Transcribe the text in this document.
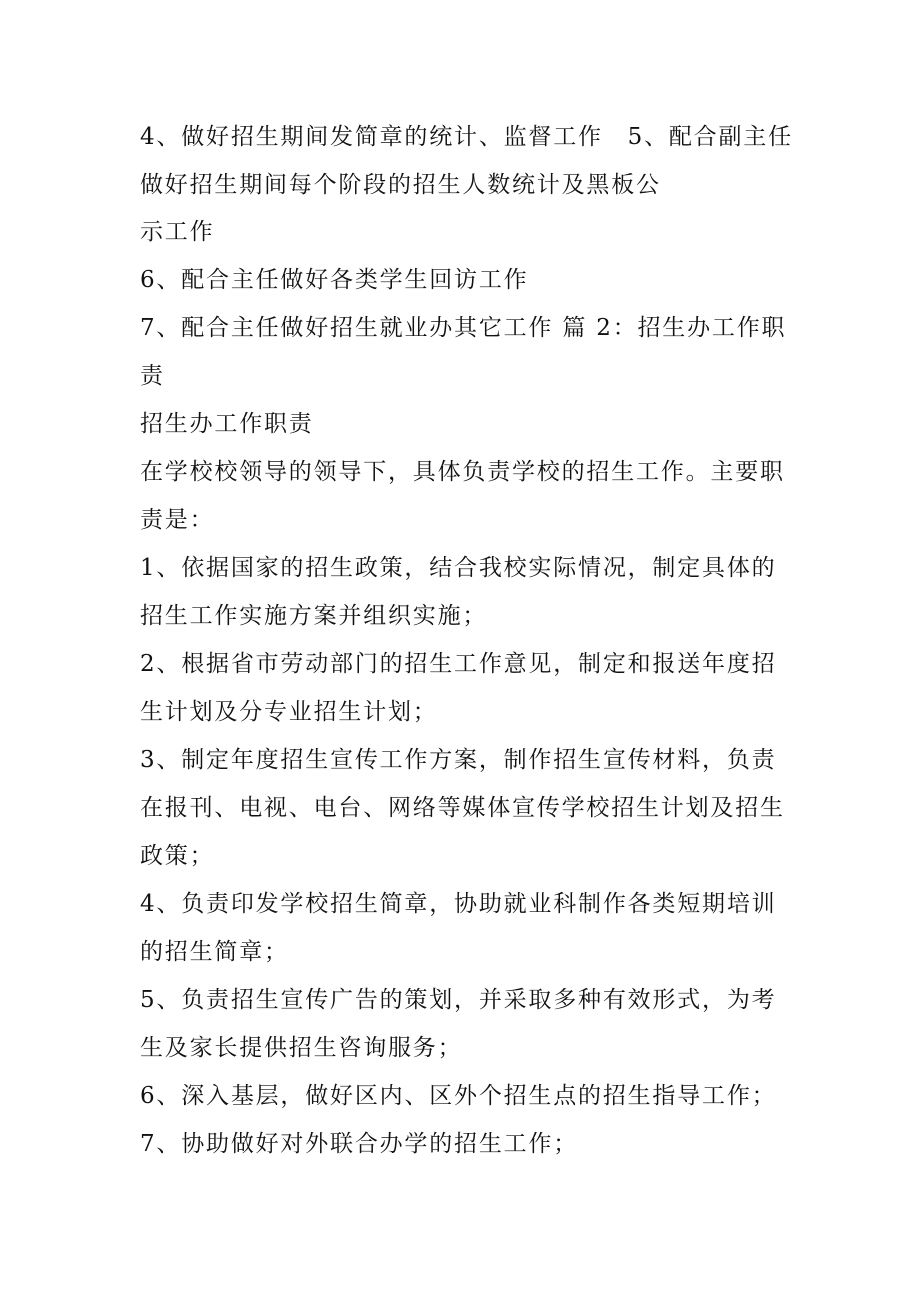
4、做好招生期间发简章的统计、监督工作　5、配合副主任
做好招生期间每个阶段的招生人数统计及黑板公
示工作
6、配合主任做好各类学生回访工作
7、配合主任做好招生就业办其它工作 篇 2：招生办工作职
责
招生办工作职责
在学校校领导的领导下，具体负责学校的招生工作。主要职
责是：
1、依据国家的招生政策，结合我校实际情况，制定具体的
招生工作实施方案并组织实施；
2、根据省市劳动部门的招生工作意见，制定和报送年度招
生计划及分专业招生计划；
3、制定年度招生宣传工作方案，制作招生宣传材料，负责
在报刊、电视、电台、网络等媒体宣传学校招生计划及招生
政策；
4、负责印发学校招生简章，协助就业科制作各类短期培训
的招生简章；
5、负责招生宣传广告的策划，并采取多种有效形式，为考
生及家长提供招生咨询服务；
6、深入基层，做好区内、区外个招生点的招生指导工作；
7、协助做好对外联合办学的招生工作；
